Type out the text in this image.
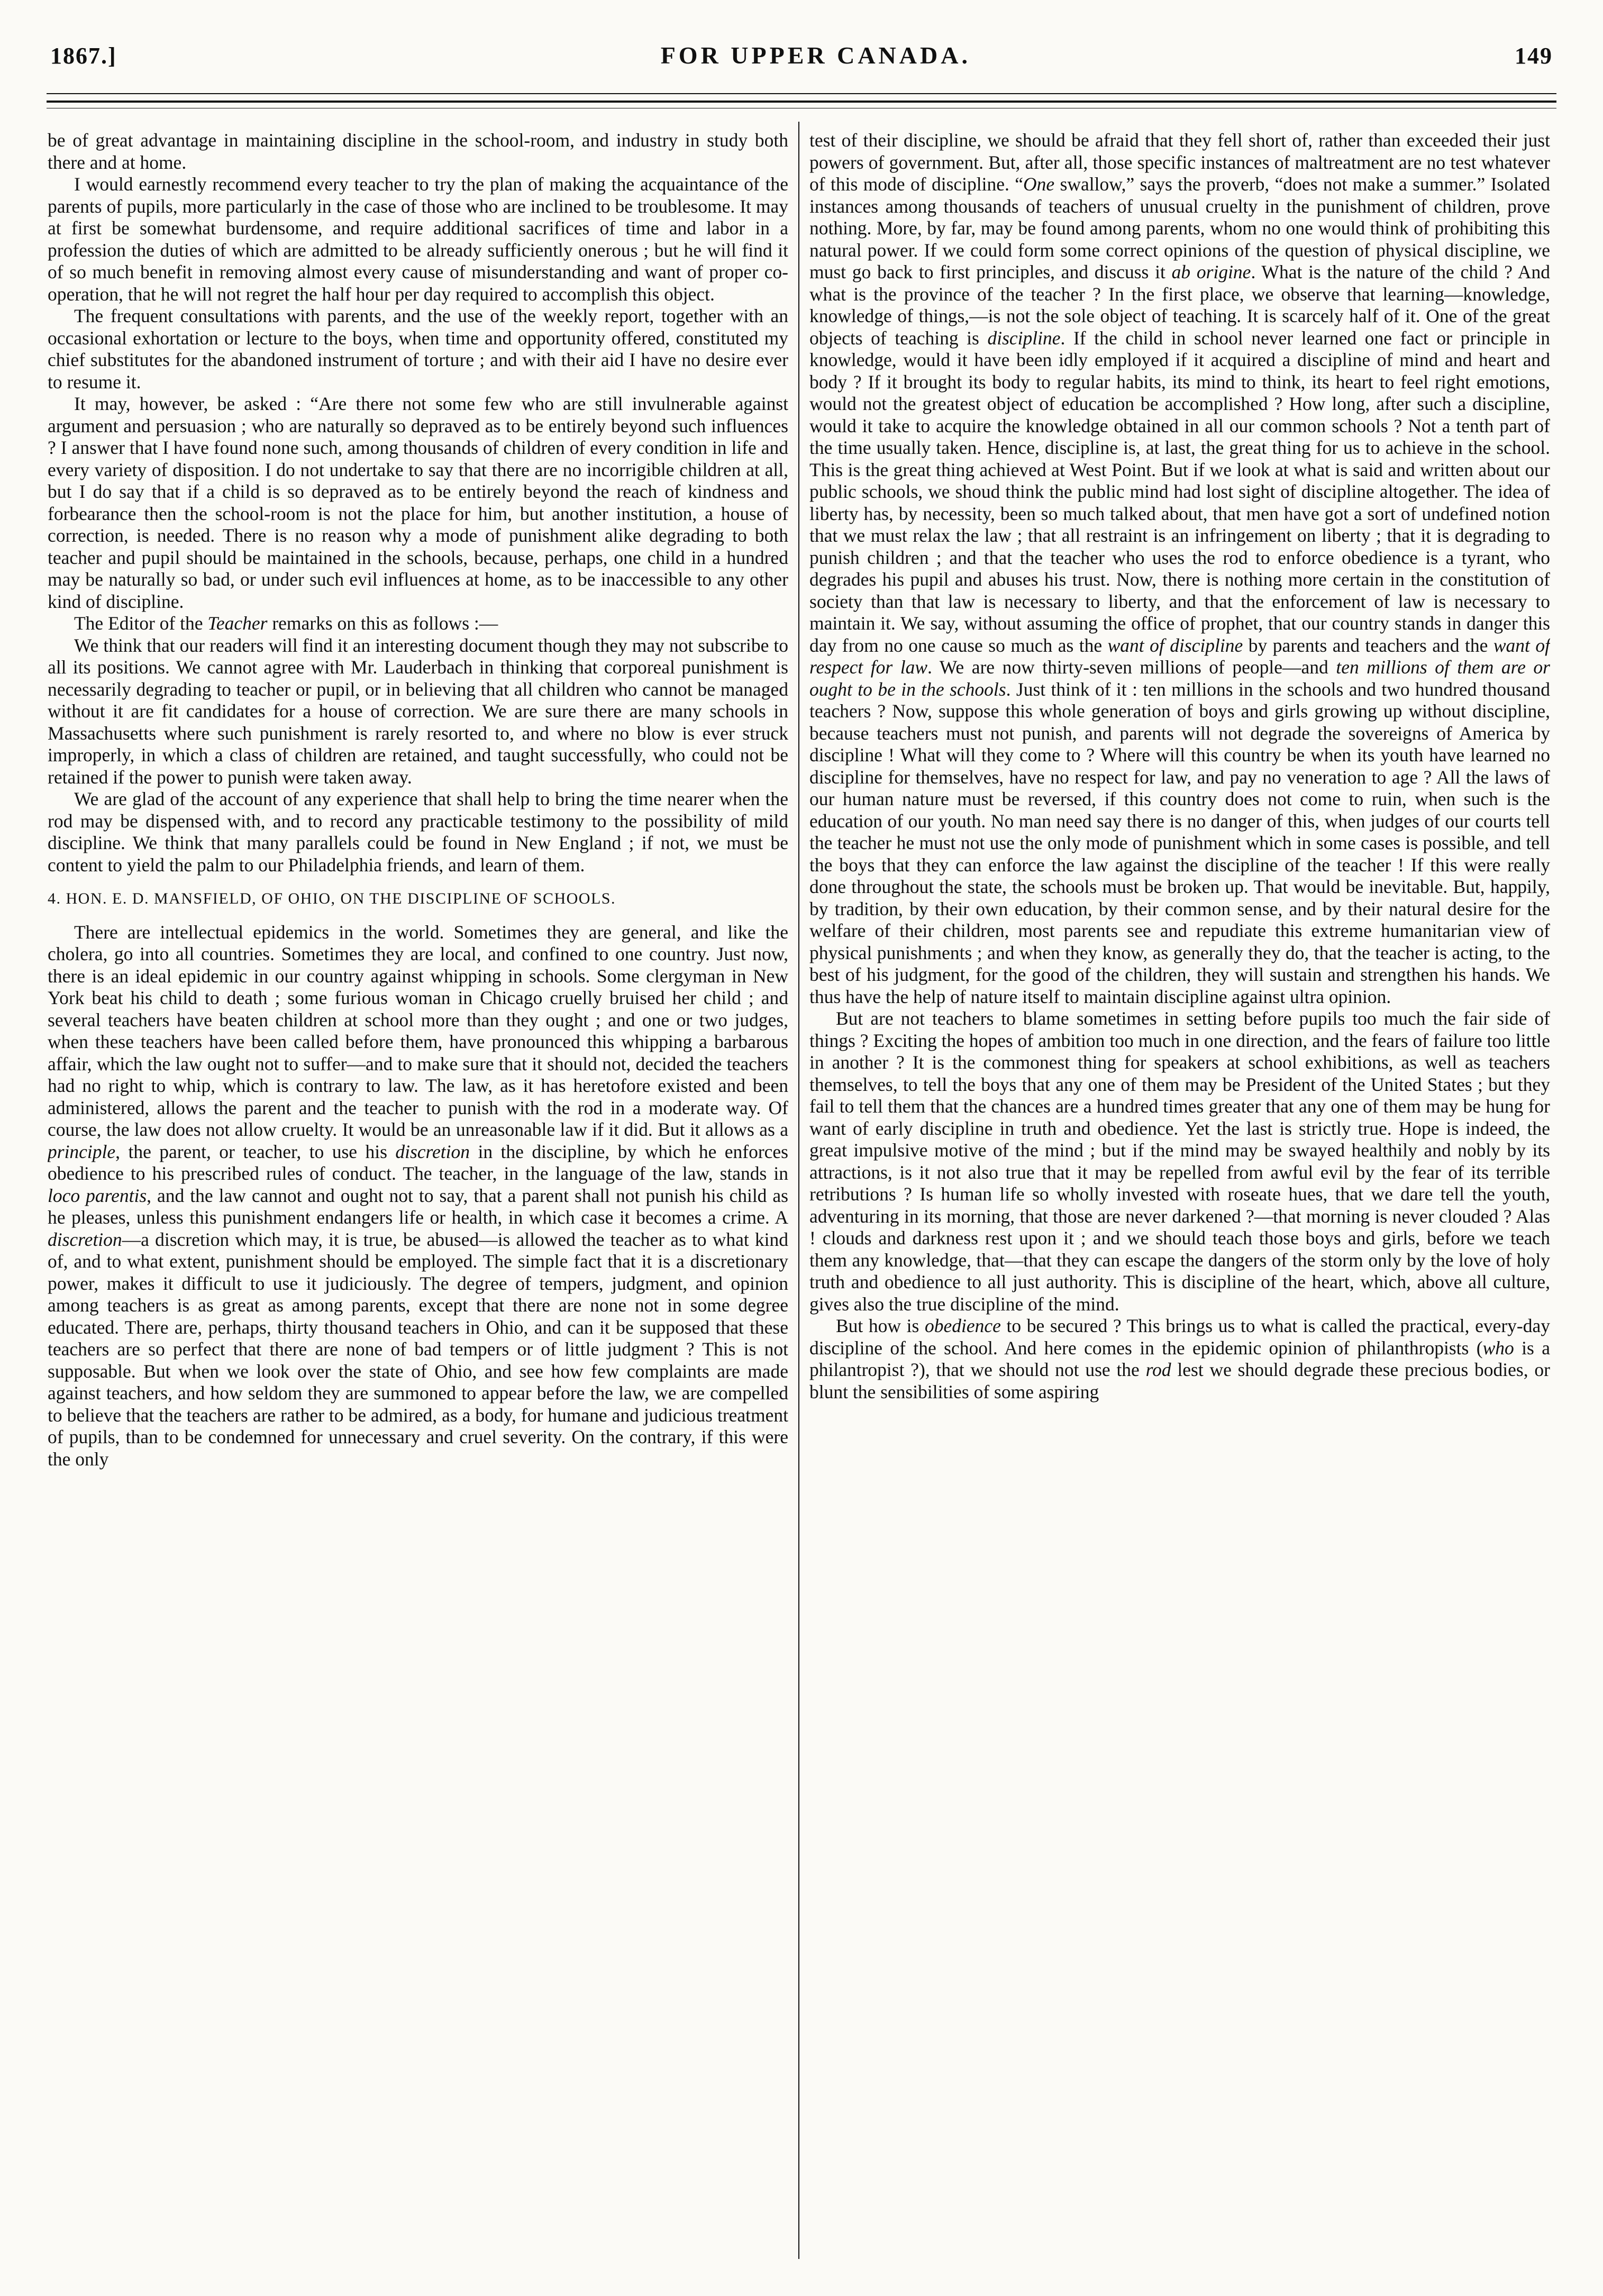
1867.]	FOR UPPER CANADA.	149

be of great advantage in maintaining discipline in the school-room, and industry in study both there and at home.

I would earnestly recommend every teacher to try the plan of making the acquaintance of the parents of pupils, more particularly in the case of those who are inclined to be troublesome. It may at first be somewhat burdensome, and require additional sacrifices of time and labor in a profession the duties of which are admitted to be already sufficiently onerous ; but he will find it of so much benefit in removing almost every cause of misunderstanding and want of proper co-operation, that he will not regret the half hour per day required to accomplish this object.

The frequent consultations with parents, and the use of the weekly report, together with an occasional exhortation or lecture to the boys, when time and opportunity offered, constituted my chief substitutes for the abandoned instrument of torture ; and with their aid I have no desire ever to resume it.

It may, however, be asked : “Are there not some few who are still invulnerable against argument and persuasion ; who are naturally so depraved as to be entirely beyond such influences ? I answer that I have found none such, among thousands of children of every condition in life and every variety of disposition. I do not undertake to say that there are no incorrigible children at all, but I do say that if a child is so depraved as to be entirely beyond the reach of kindness and forbearance then the school-room is not the place for him, but another institution, a house of correction, is needed. There is no reason why a mode of punishment alike degrading to both teacher and pupil should be maintained in the schools, because, perhaps, one child in a hundred may be naturally so bad, or under such evil influences at home, as to be inaccessible to any other kind of discipline.

The Editor of the Teacher remarks on this as follows :—

We think that our readers will find it an interesting document though they may not subscribe to all its positions. We cannot agree with Mr. Lauderbach in thinking that corporeal punishment is necessarily degrading to teacher or pupil, or in believing that all children who cannot be managed without it are fit candidates for a house of correction. We are sure there are many schools in Massachusetts where such punishment is rarely resorted to, and where no blow is ever struck improperly, in which a class of children are retained, and taught successfully, who could not be retained if the power to punish were taken away.

We are glad of the account of any experience that shall help to bring the time nearer when the rod may be dispensed with, and to record any practicable testimony to the possibility of mild discipline. We think that many parallels could be found in New England ; if not, we must be content to yield the palm to our Philadelphia friends, and learn of them.

4. HON. E. D. MANSFIELD, OF OHIO, ON THE DISCIPLINE OF SCHOOLS.

There are intellectual epidemics in the world. Sometimes they are general, and like the cholera, go into all countries. Sometimes they are local, and confined to one country. Just now, there is an ideal epidemic in our country against whipping in schools. Some clergyman in New York beat his child to death ; some furious woman in Chicago cruelly bruised her child ; and several teachers have beaten children at school more than they ought ; and one or two judges, when these teachers have been called before them, have pronounced this whipping a barbarous affair, which the law ought not to suffer—and to make sure that it should not, decided the teachers had no right to whip, which is contrary to law. The law, as it has heretofore existed and been administered, allows the parent and the teacher to punish with the rod in a moderate way. Of course, the law does not allow cruelty. It would be an unreasonable law if it did. But it allows as a principle, the parent, or teacher, to use his discretion in the discipline, by which he enforces obedience to his prescribed rules of conduct. The teacher, in the language of the law, stands in loco parentis, and the law cannot and ought not to say, that a parent shall not punish his child as he pleases, unless this punishment endangers life or health, in which case it becomes a crime. A discretion—a discretion which may, it is true, be abused—is allowed the teacher as to what kind of, and to what extent, punishment should be employed. The simple fact that it is a discretionary power, makes it difficult to use it judiciously. The degree of tempers, judgment, and opinion among teachers is as great as among parents, except that there are none not in some degree educated. There are, perhaps, thirty thousand teachers in Ohio, and can it be supposed that these teachers are so perfect that there are none of bad tempers or of little judgment ? This is not supposable. But when we look over the state of Ohio, and see how few complaints are made against teachers, and how seldom they are summoned to appear before the law, we are compelled to believe that the teachers are rather to be admired, as a body, for humane and judicious treatment of pupils, than to be condemned for unnecessary and cruel severity. On the contrary, if this were the only

test of their discipline, we should be afraid that they fell short of, rather than exceeded their just powers of government. But, after all, those specific instances of maltreatment are no test whatever of this mode of discipline. “One swallow,” says the proverb, “does not make a summer.” Isolated instances among thousands of teachers of unusual cruelty in the punishment of children, prove nothing. More, by far, may be found among parents, whom no one would think of prohibiting this natural power. If we could form some correct opinions of the question of physical discipline, we must go back to first principles, and discuss it ab origine. What is the nature of the child ? And what is the province of the teacher ? In the first place, we observe that learning—knowledge, knowledge of things,—is not the sole object of teaching. It is scarcely half of it. One of the great objects of teaching is discipline. If the child in school never learned one fact or principle in knowledge, would it have been idly employed if it acquired a discipline of mind and heart and body ? If it brought its body to regular habits, its mind to think, its heart to feel right emotions, would not the greatest object of education be accomplished ? How long, after such a discipline, would it take to acquire the knowledge obtained in all our common schools ? Not a tenth part of the time usually taken. Hence, discipline is, at last, the great thing for us to achieve in the school. This is the great thing achieved at West Point. But if we look at what is said and written about our public schools, we shoud think the public mind had lost sight of discipline altogether. The idea of liberty has, by necessity, been so much talked about, that men have got a sort of undefined notion that we must relax the law ; that all restraint is an infringement on liberty ; that it is degrading to punish children ; and that the teacher who uses the rod to enforce obedience is a tyrant, who degrades his pupil and abuses his trust. Now, there is nothing more certain in the constitution of society than that law is necessary to liberty, and that the enforcement of law is necessary to maintain it. We say, without assuming the office of prophet, that our country stands in danger this day from no one cause so much as the want of discipline by parents and teachers and the want of respect for law. We are now thirty-seven millions of people—and ten millions of them are or ought to be in the schools. Just think of it : ten millions in the schools and two hundred thousand teachers ? Now, suppose this whole generation of boys and girls growing up without discipline, because teachers must not punish, and parents will not degrade the sovereigns of America by discipline ! What will they come to ? Where will this country be when its youth have learned no discipline for themselves, have no respect for law, and pay no veneration to age ? All the laws of our human nature must be reversed, if this country does not come to ruin, when such is the education of our youth. No man need say there is no danger of this, when judges of our courts tell the teacher he must not use the only mode of punishment which in some cases is possible, and tell the boys that they can enforce the law against the discipline of the teacher ! If this were really done throughout the state, the schools must be broken up. That would be inevitable. But, happily, by tradition, by their own education, by their common sense, and by their natural desire for the welfare of their children, most parents see and repudiate this extreme humanitarian view of physical punishments ; and when they know, as generally they do, that the teacher is acting, to the best of his judgment, for the good of the children, they will sustain and strengthen his hands. We thus have the help of nature itself to maintain discipline against ultra opinion.

But are not teachers to blame sometimes in setting before pupils too much the fair side of things ? Exciting the hopes of ambition too much in one direction, and the fears of failure too little in another ? It is the commonest thing for speakers at school exhibitions, as well as teachers themselves, to tell the boys that any one of them may be President of the United States ; but they fail to tell them that the chances are a hundred times greater that any one of them may be hung for want of early discipline in truth and obedience. Yet the last is strictly true. Hope is indeed, the great impulsive motive of the mind ; but if the mind may be swayed healthily and nobly by its attractions, is it not also true that it may be repelled from awful evil by the fear of its terrible retributions ? Is human life so wholly invested with roseate hues, that we dare tell the youth, adventuring in its morning, that those are never darkened ?—that morning is never clouded ? Alas ! clouds and darkness rest upon it ; and we should teach those boys and girls, before we teach them any knowledge, that—that they can escape the dangers of the storm only by the love of holy truth and obedience to all just authority. This is discipline of the heart, which, above all culture, gives also the true discipline of the mind.

But how is obedience to be secured ? This brings us to what is called the practical, every-day discipline of the school. And here comes in the epidemic opinion of philanthropists (who is a philantropist ?), that we should not use the rod lest we should degrade these precious bodies, or blunt the sensibilities of some aspiring
